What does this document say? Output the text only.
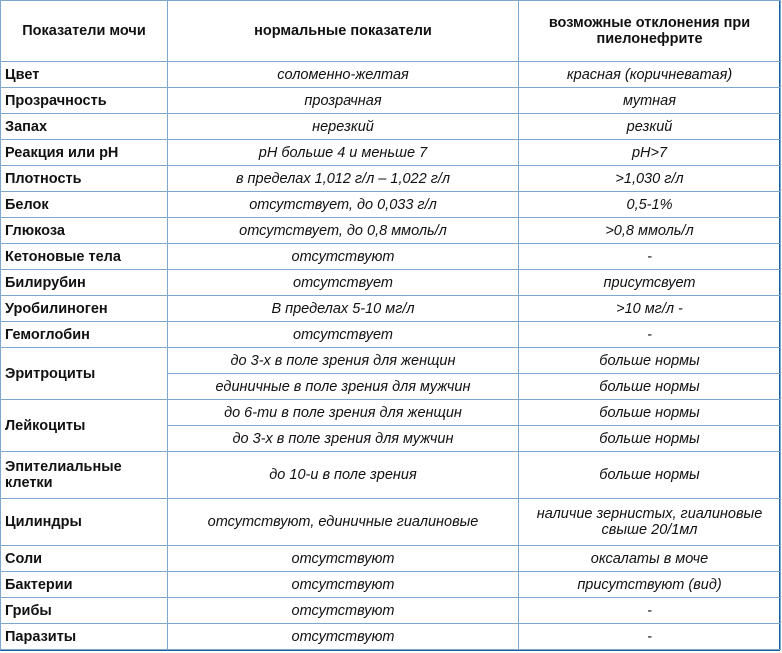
Показатели мочи	нормальные показатели	возможные отклонения при пиелонефрите
Цвет	соломенно-желтая	красная (коричневатая)
Прозрачность	прозрачная	мутная
Запах	нерезкий	резкий
Реакция или рН	рН больше 4 и меньше 7	рН>7
Плотность	в пределах 1,012 г/л – 1,022 г/л	>1,030 г/л
Белок	отсутствует, до 0,033 г/л	0,5-1%
Глюкоза	отсутствует, до 0,8 ммоль/л	>0,8 ммоль/л
Кетоновые тела	отсутствуют	-
Билирубин	отсутствует	присутсвует
Уробилиноген	В пределах 5-10 мг/л	>10 мг/л -
Гемоглобин	отсутствует	-
Эритроциты	до 3-х в поле зрения для женщин	больше нормы
	единичные в поле зрения для мужчин	больше нормы
Лейкоциты	до 6-ти в поле зрения для женщин	больше нормы
	до 3-х в поле зрения для мужчин	больше нормы
Эпителиальные клетки	до 10-и в поле зрения	больше нормы
Цилиндры	отсутствуют, единичные гиалиновые	наличие зернистых, гиалиновые свыше 20/1мл
Соли	отсутствуют	оксалаты в моче
Бактерии	отсутствуют	присутствуют (вид)
Грибы	отсутствуют	-
Паразиты	отсутствуют	-
